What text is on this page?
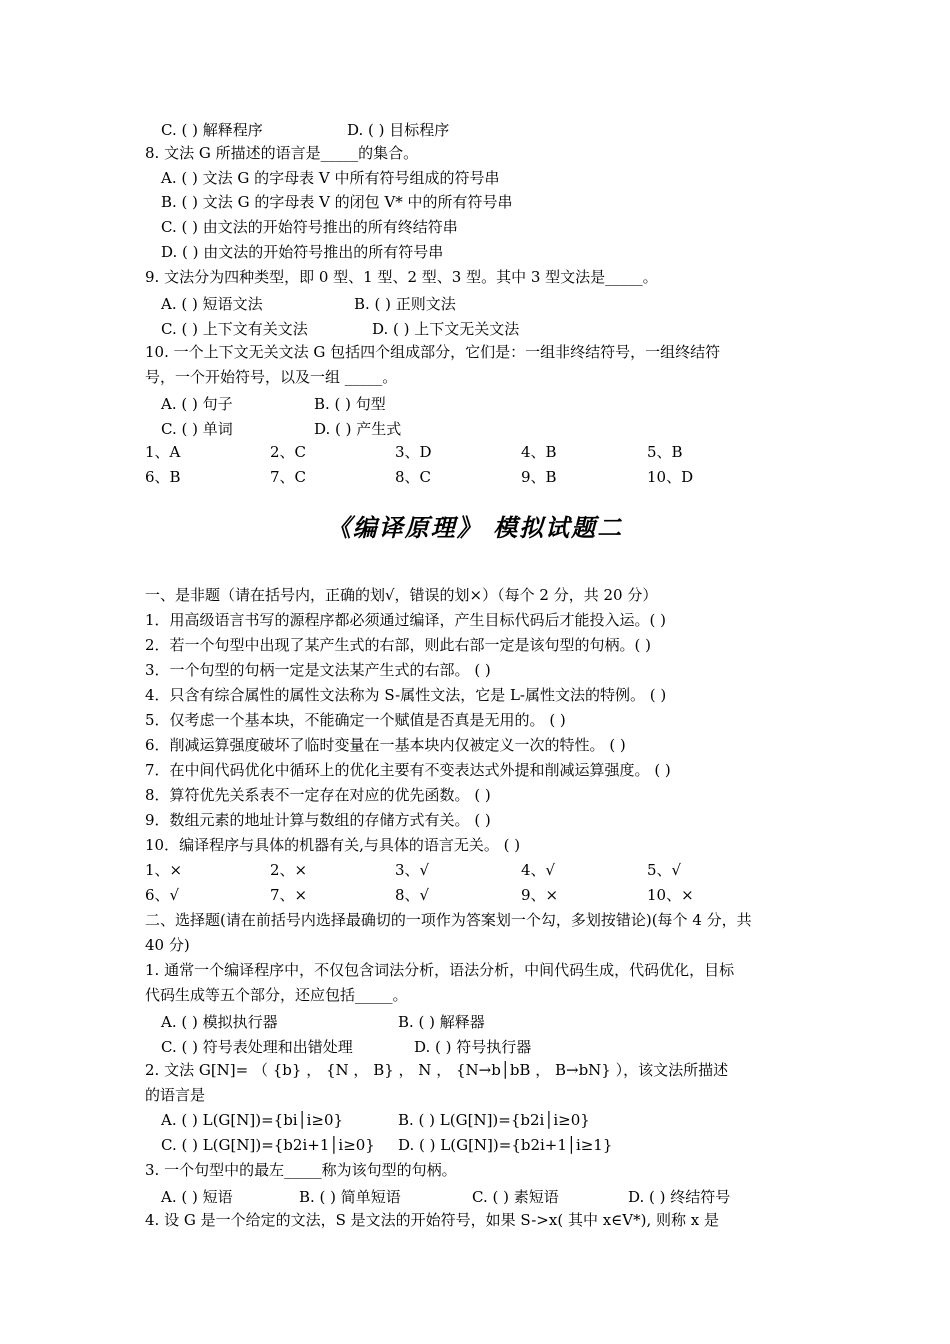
C. ( ) 解释程序	D. ( ) 目标程序
8. 文法 G 所描述的语言是_____的集合。
A. ( ) 文法 G 的字母表 V 中所有符号组成的符号串
B. ( ) 文法 G 的字母表 V 的闭包 V* 中的所有符号串
C. ( ) 由文法的开始符号推出的所有终结符串
D. ( ) 由文法的开始符号推出的所有符号串
9. 文法分为四种类型，即 0 型、1 型、2 型、3 型。其中 3 型文法是_____。
A. ( ) 短语文法	B. ( ) 正则文法
C. ( ) 上下文有关文法	D. ( ) 上下文无关文法
10. 一个上下文无关文法 G 包括四个组成部分，它们是：一组非终结符号，一组终结符
号，一个开始符号，以及一组 _____。
A. ( ) 句子	B. ( ) 句型
C. ( ) 单词	D. ( ) 产生式
1、A	2、C	3、D	4、B	5、B
6、B	7、C	8、C	9、B	10、D
《编译原理》 模拟试题二
一、是非题（请在括号内，正确的划√，错误的划×）（每个 2 分，共 20 分）
1．用高级语言书写的源程序都必须通过编译，产生目标代码后才能投入运。( )
2．若一个句型中出现了某产生式的右部，则此右部一定是该句型的句柄。( )
3．一个句型的句柄一定是文法某产生式的右部。 ( )
4．只含有综合属性的属性文法称为 S-属性文法，它是 L-属性文法的特例。 ( )
5．仅考虑一个基本块，不能确定一个赋值是否真是无用的。 ( )
6．削减运算强度破坏了临时变量在一基本块内仅被定义一次的特性。 ( )
7．在中间代码优化中循环上的优化主要有不变表达式外提和削减运算强度。 ( )
8．算符优先关系表不一定存在对应的优先函数。 ( )
9．数组元素的地址计算与数组的存储方式有关。 ( )
10．编译程序与具体的机器有关,与具体的语言无关。 ( )
1、×	2、×	3、√	4、√	5、√
6、√	7、×	8、√	9、×	10、×
二、选择题(请在前括号内选择最确切的一项作为答案划一个勾，多划按错论)(每个 4 分，共
40 分)
1. 通常一个编译程序中，不仅包含词法分析，语法分析，中间代码生成，代码优化，目标
代码生成等五个部分，还应包括_____。
A. ( ) 模拟执行器	B. ( ) 解释器
C. ( ) 符号表处理和出错处理	D. ( ) 符号执行器
2. 文法 G[N]= （ {b} ， {N ， B} ， N ， {N→b│bB ， B→bN} ），该文法所描述
的语言是
A. ( ) L(G[N])={bi│i≥0}	B. ( ) L(G[N])={b2i│i≥0}
C. ( ) L(G[N])={b2i+1│i≥0} D. ( ) L(G[N])={b2i+1│i≥1}
3. 一个句型中的最左_____称为该句型的句柄。
A. ( ) 短语	B. ( ) 简单短语	C. ( ) 素短语	D. ( ) 终结符号
4. 设 G 是一个给定的文法，S 是文法的开始符号，如果 S->x( 其中 x∈V*), 则称 x 是
